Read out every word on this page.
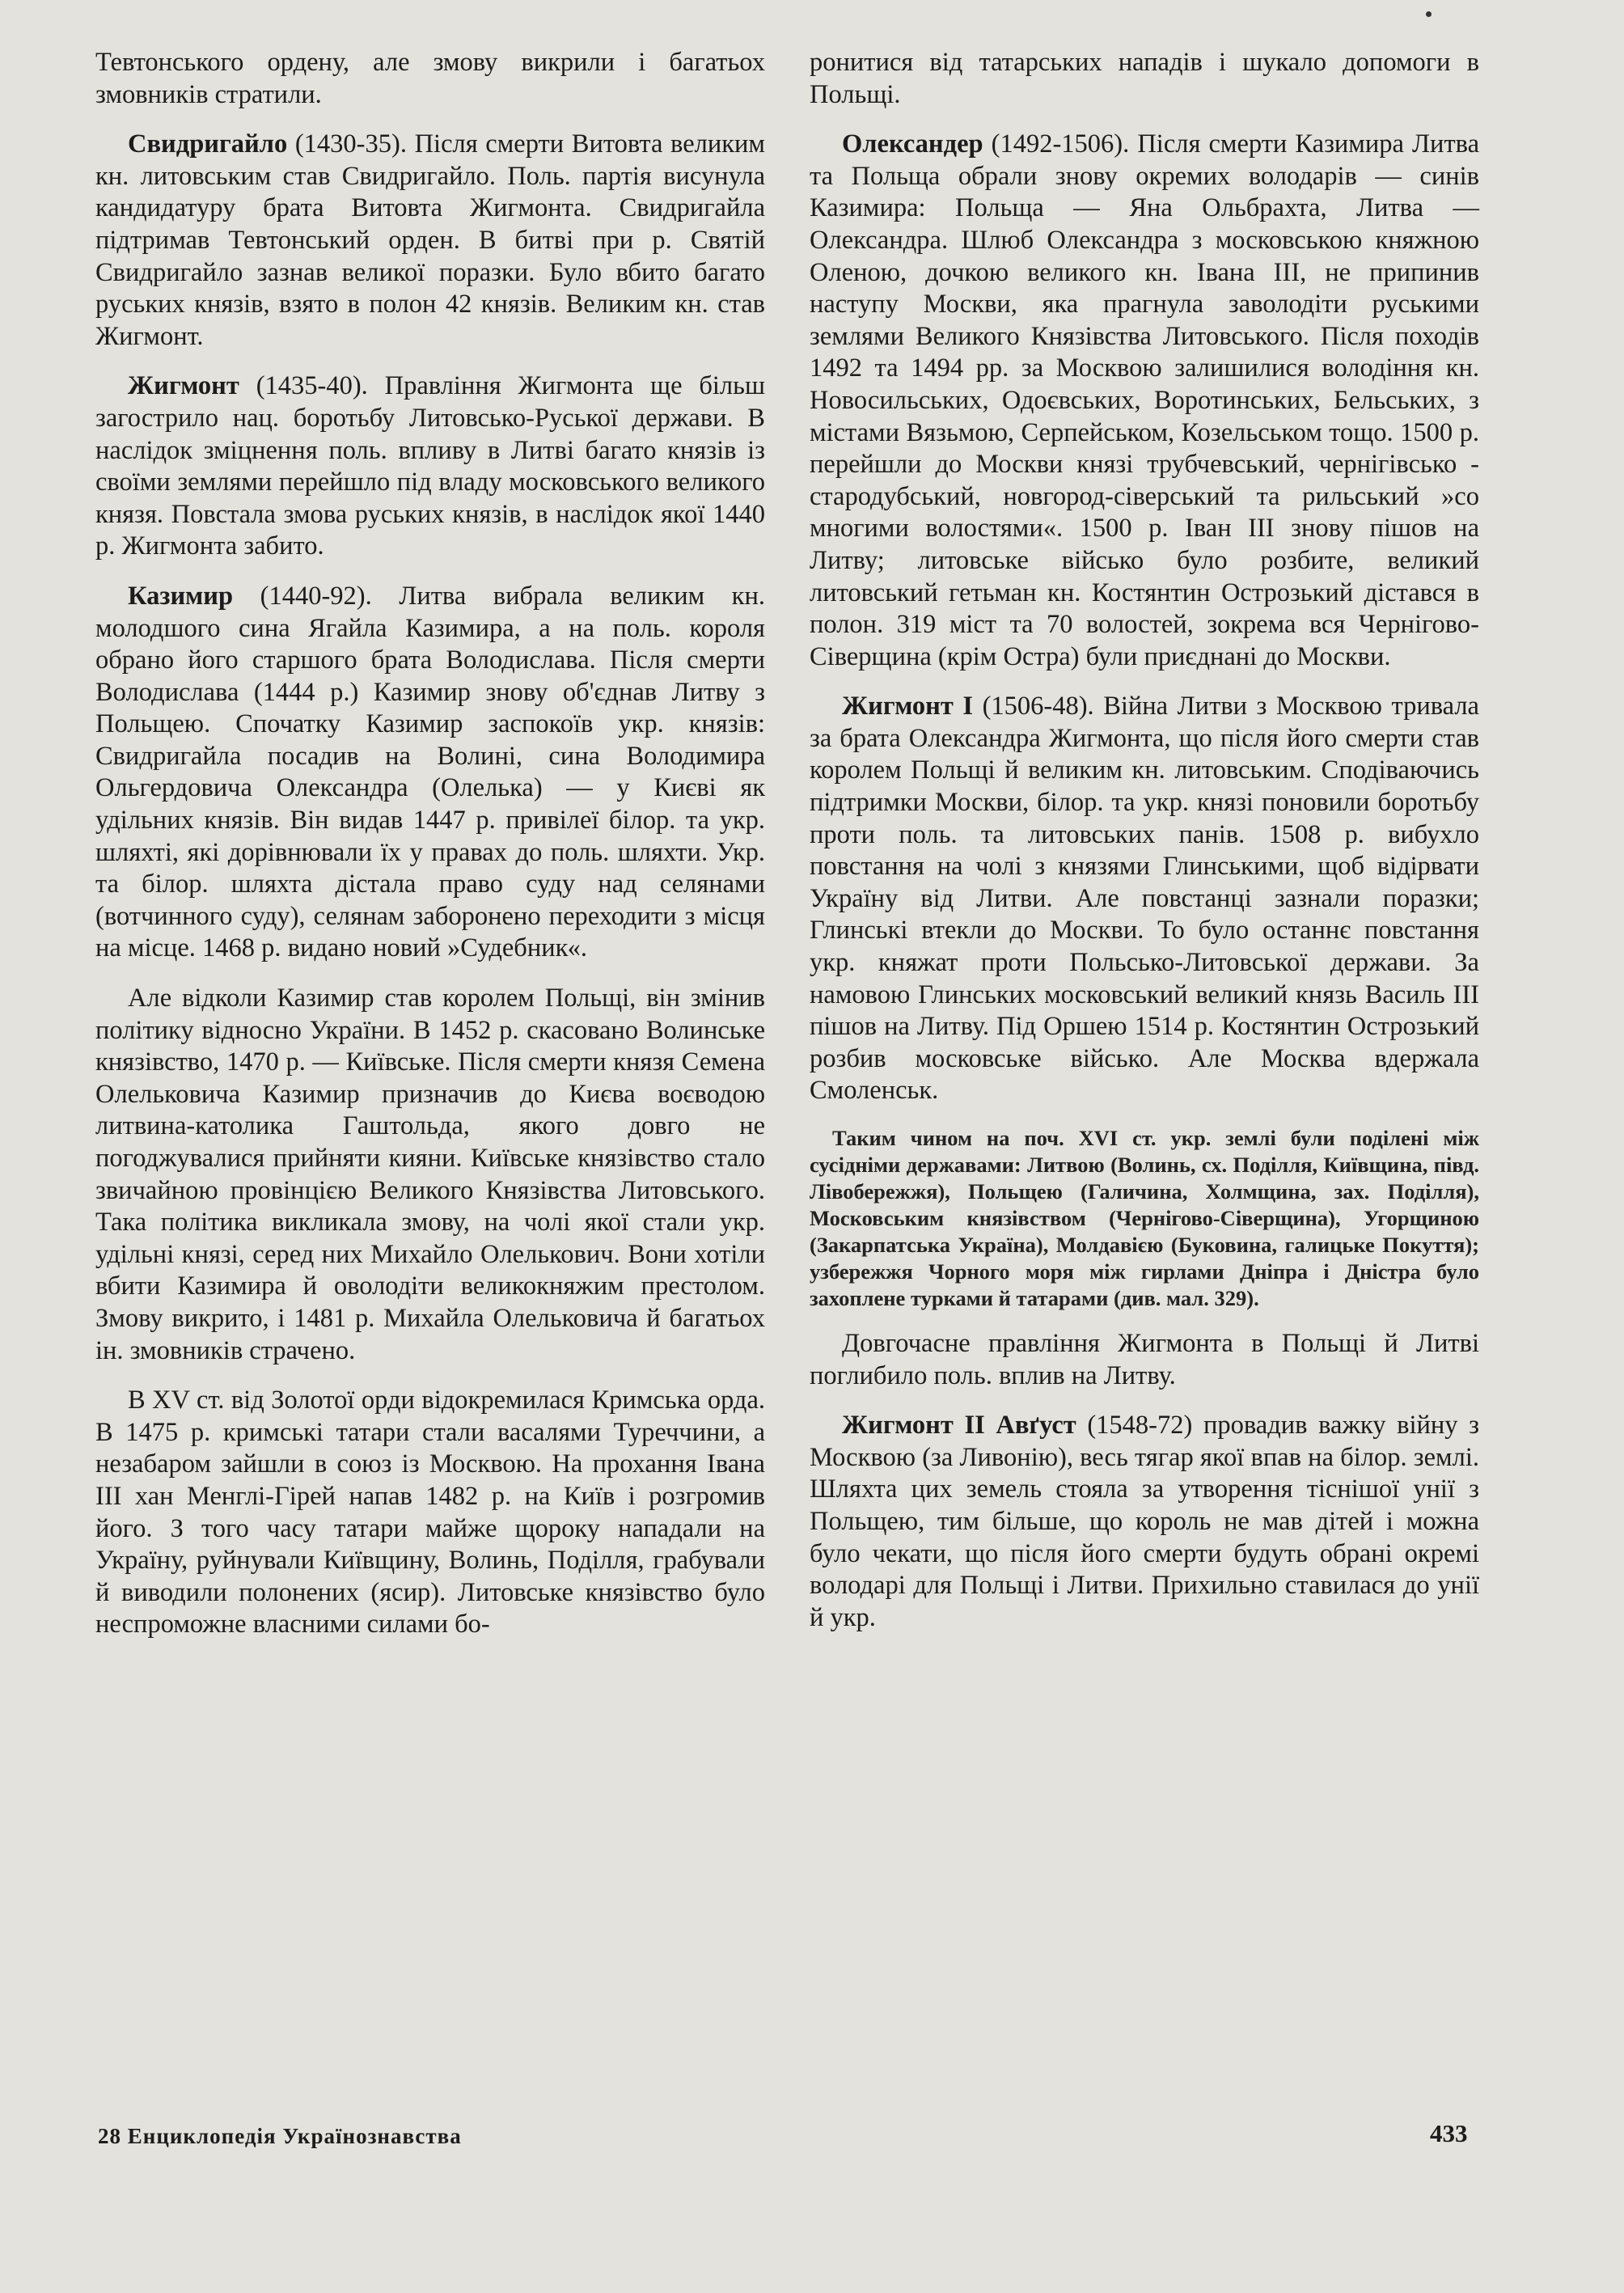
Тевтонського ордену, але змову викрили і багатьох змовників стратили.

Свидригайло (1430-35). Після смерти Витовта великим кн. литовським став Свидригайло. Поль. партія висунула кандидатуру брата Витовта Жигмонта. Свидригайла підтримав Тевтонський орден. В битві при р. Святій Свидригайло зазнав великої поразки. Було вбито багато руських князів, взято в полон 42 князів. Великим кн. став Жигмонт.

Жигмонт (1435-40). Правління Жигмонта ще більш загострило нац. боротьбу Литовсько-Руської держави. В наслідок зміцнення поль. впливу в Литві багато князів із своїми землями перейшло під владу московського великого князя. Повстала змова руських князів, в наслідок якої 1440 р. Жигмонта забито.

Казимир (1440-92). Литва вибрала великим кн. молодшого сина Ягайла Казимира, а на поль. короля обрано його старшого брата Володислава. Після смерти Володислава (1444 р.) Казимир знову об'єднав Литву з Польщею. Спочатку Казимир заспокоїв укр. князів: Свидригайла посадив на Волині, сина Володимира Ольгердовича Олександра (Олелька) — у Києві як удільних князів. Він видав 1447 р. привілеї білор. та укр. шляхті, які дорівнювали їх у правах до поль. шляхти. Укр. та білор. шляхта дістала право суду над селянами (вотчинного суду), селянам заборонено переходити з місця на місце. 1468 р. видано новий »Судебник«.

Але відколи Казимир став королем Польщі, він змінив політику відносно України. В 1452 р. скасовано Волинське князівство, 1470 р. — Київське. Після смерти князя Семена Олельковича Казимир призначив до Києва воєводою литвина-католика Гаштольда, якого довго не погоджувалися прийняти кияни. Київське князівство стало звичайною провінцією Великого Князівства Литовського. Така політика викликала змову, на чолі якої стали укр. удільні князі, серед них Михайло Олелькович. Вони хотіли вбити Казимира й оволодіти великокняжим престолом. Змову викрито, і 1481 р. Михайла Олельковича й багатьох ін. змовників страчено.

В XV ст. від Золотої орди відокремилася Кримська орда. В 1475 р. кримські татари стали васалями Туреччини, а незабаром зайшли в союз із Москвою. На прохання Івана III хан Менглі-Гірей напав 1482 р. на Київ і розгромив його. З того часу татари майже щороку нападали на Україну, руйнували Київщину, Волинь, Поділля, грабували й виводили полонених (ясир). Литовське князівство було неспроможне власними силами бо-

ронитися від татарських нападів і шукало допомоги в Польщі.

Олександер (1492-1506). Після смерти Казимира Литва та Польща обрали знову окремих володарів — синів Казимира: Польща — Яна Ольбрахта, Литва — Олександра. Шлюб Олександра з московською княжною Оленою, дочкою великого кн. Івана III, не припинив наступу Москви, яка прагнула заволодіти руськими землями Великого Князівства Литовського. Після походів 1492 та 1494 рр. за Москвою залишилися володіння кн. Новосильських, Одоєвських, Воротинських, Бельських, з містами Вязьмою, Серпейськом, Козельськом тощо. 1500 р. перейшли до Москви князі трубчевський, чернігівсько - стародубський, новгород-сіверський та рильський »со многими волостями«. 1500 р. Іван III знову пішов на Литву; литовське військо було розбите, великий литовський гетьман кн. Костянтин Острозький дістався в полон. 319 міст та 70 волостей, зокрема вся Чернігово-Сіверщина (крім Остра) були приєднані до Москви.

Жигмонт I (1506-48). Війна Литви з Москвою тривала за брата Олександра Жигмонта, що після його смерти став королем Польщі й великим кн. литовським. Сподіваючись підтримки Москви, білор. та укр. князі поновили боротьбу проти поль. та литовських панів. 1508 р. вибухло повстання на чолі з князями Глинськими, щоб відірвати Україну від Литви. Але повстанці зазнали поразки; Глинські втекли до Москви. То було останнє повстання укр. княжат проти Польсько-Литовської держави. За намовою Глинських московський великий князь Василь III пішов на Литву. Під Оршею 1514 р. Костянтин Острозький розбив московське військо. Але Москва вдержала Смоленськ.

Таким чином на поч. XVI ст. укр. землі були поділені між сусідніми державами: Литвою (Волинь, сх. Поділля, Київщина, півд. Лівобережжя), Польщею (Галичина, Холмщина, зах. Поділля), Московським князівством (Чернігово-Сіверщина), Угорщиною (Закарпатська Україна), Молдавією (Буковина, галицьке Покуття); узбережжя Чорного моря між гирлами Дніпра і Дністра було захоплене турками й татарами (див. мал. 329).

Довгочасне правління Жигмонта в Польщі й Литві поглибило поль. вплив на Литву.

Жигмонт II Авґуст (1548-72) провадив важку війну з Москвою (за Ливонію), весь тягар якої впав на білор. землі. Шляхта цих земель стояла за утворення тіснішої унії з Польщею, тим більше, що король не мав дітей і можна було чекати, що після його смерти будуть обрані окремі володарі для Польщі і Литви. Прихильно ставилася до унії й укр.

28 Енциклопедія Українознавства	433
